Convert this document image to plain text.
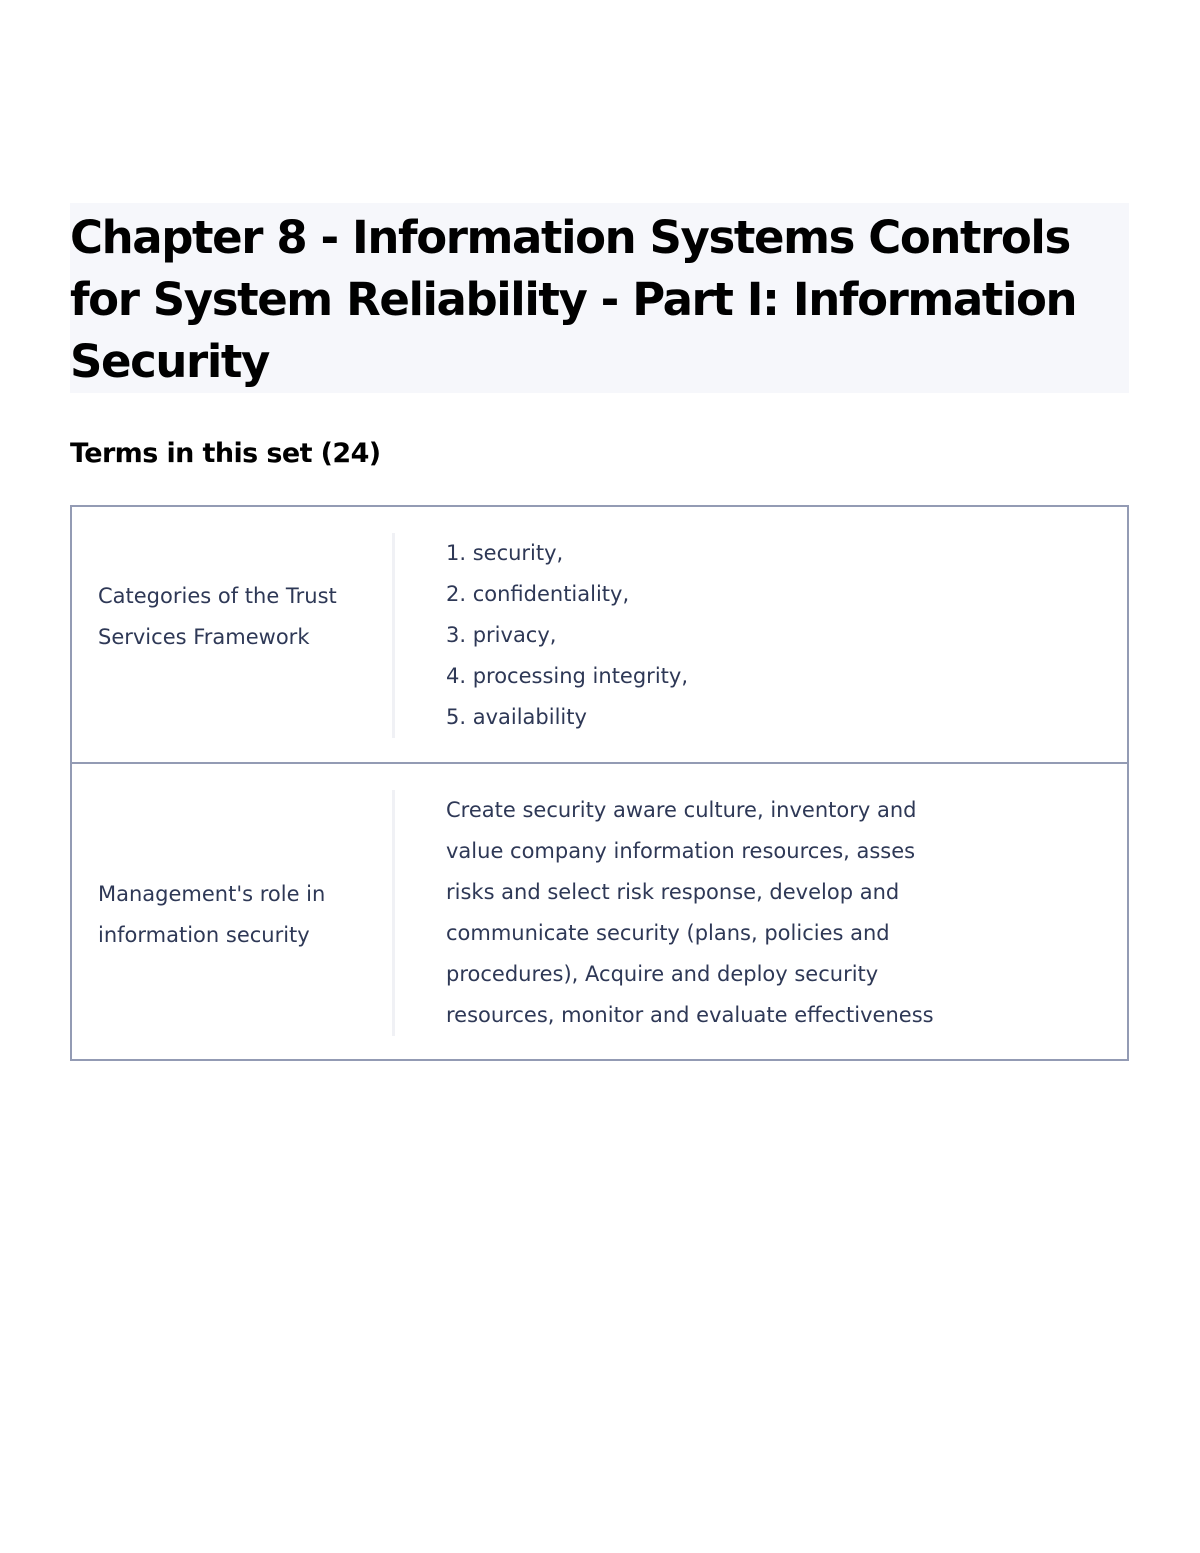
Chapter 8 - Information Systems Controls for System Reliability - Part I: Information Security
Terms in this set (24)
Categories of the Trust Services Framework
1. security,
2. confidentiality,
3. privacy,
4. processing integrity,
5. availability
Management's role in information security
Create security aware culture, inventory and
value company information resources, asses
risks and select risk response, develop and
communicate security (plans, policies and
procedures), Acquire and deploy security
resources, monitor and evaluate effectiveness
